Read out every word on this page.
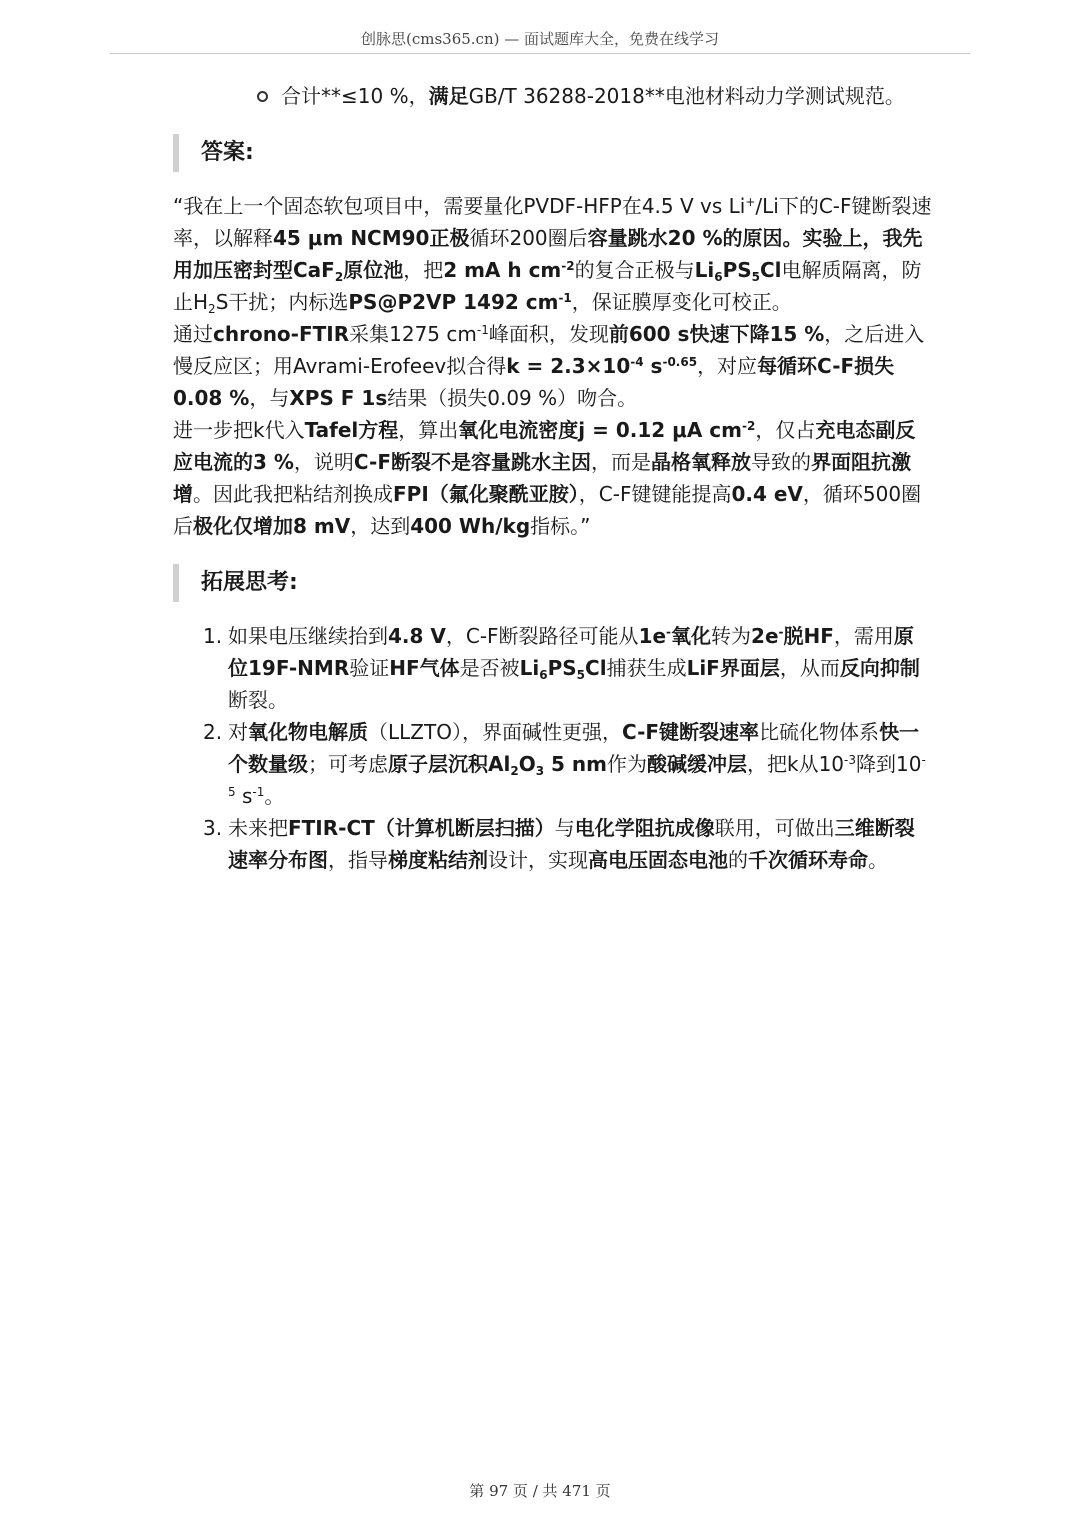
创脉思(cms365.cn) — 面试题库大全，免费在线学习
合计**≤10 %，满足GB/T 36288-2018**电池材料动力学测试规范。
答案:

“我在上一个固态软包项目中，需要量化PVDF-HFP在4.5 V vs Li+/Li下的C-F键断裂速率，以解释45 μm NCM90正极循环200圈后容量跳水20 %的原因。实验上，我先用加压密封型CaF$_2$原位池，把2 mA h $cm^{-2}$的复合正极与$Li_6PS_5Cl$电解质隔离，防止$H_2S$干扰；内标选PS@P2VP 1492 $cm^{-1}$，保证膜厚变化可校正。

通过chrono-FTIR采集1275 $cm^{-1}$峰面积，发现前600 s快速下降15 %，之后进入慢反应区；用Avrami-Erofeev拟合得$k = 2.3\times 10^{-4}$ $s^{-0.65}$，对应每循环C-F损失0.08 %，与XPS F 1s结果（损失0.09 %）吻合。

进一步把k代入Tafel方程，算出氧化电流密度j = 0.12 μA $cm^{-2}$，仅占充电态副反应电流的3 %，说明C-F断裂不是容量跳水主因，而是晶格氧释放导致的界面阻抗激增。因此我把粘结剂换成FPI（氟化聚酰亚胺），C-F键键能提高0.4 eV，循环500圈后极化仅增加8 mV，达到400 Wh/kg指标。”

拓展思考:
1. 如果电压继续抬到4.8 V，C-F断裂路径可能从1e-氧化转为2e-脱HF，需用原位19F-NMR验证HF气体是否被$Li_6PS_5Cl$捕获生成LiF界面层，从而反向抑制断裂。
2. 对氧化物电解质（LLZTO），界面碱性更强，C-F键断裂速率比硫化物体系快一个数量级；可考虑原子层沉积$Al_2O_3$ 5 nm作为酸碱缓冲层，把k从$10^{-3}$降到$10^{-5}$ $s^{-1}$。
3. 未来把FTIR-CT（计算机断层扫描）与电化学阻抗成像联用，可做出三维断裂速率分布图，指导梯度粘结剂设计，实现高电压固态电池的千次循环寿命。
第 97 页 / 共 471 页
